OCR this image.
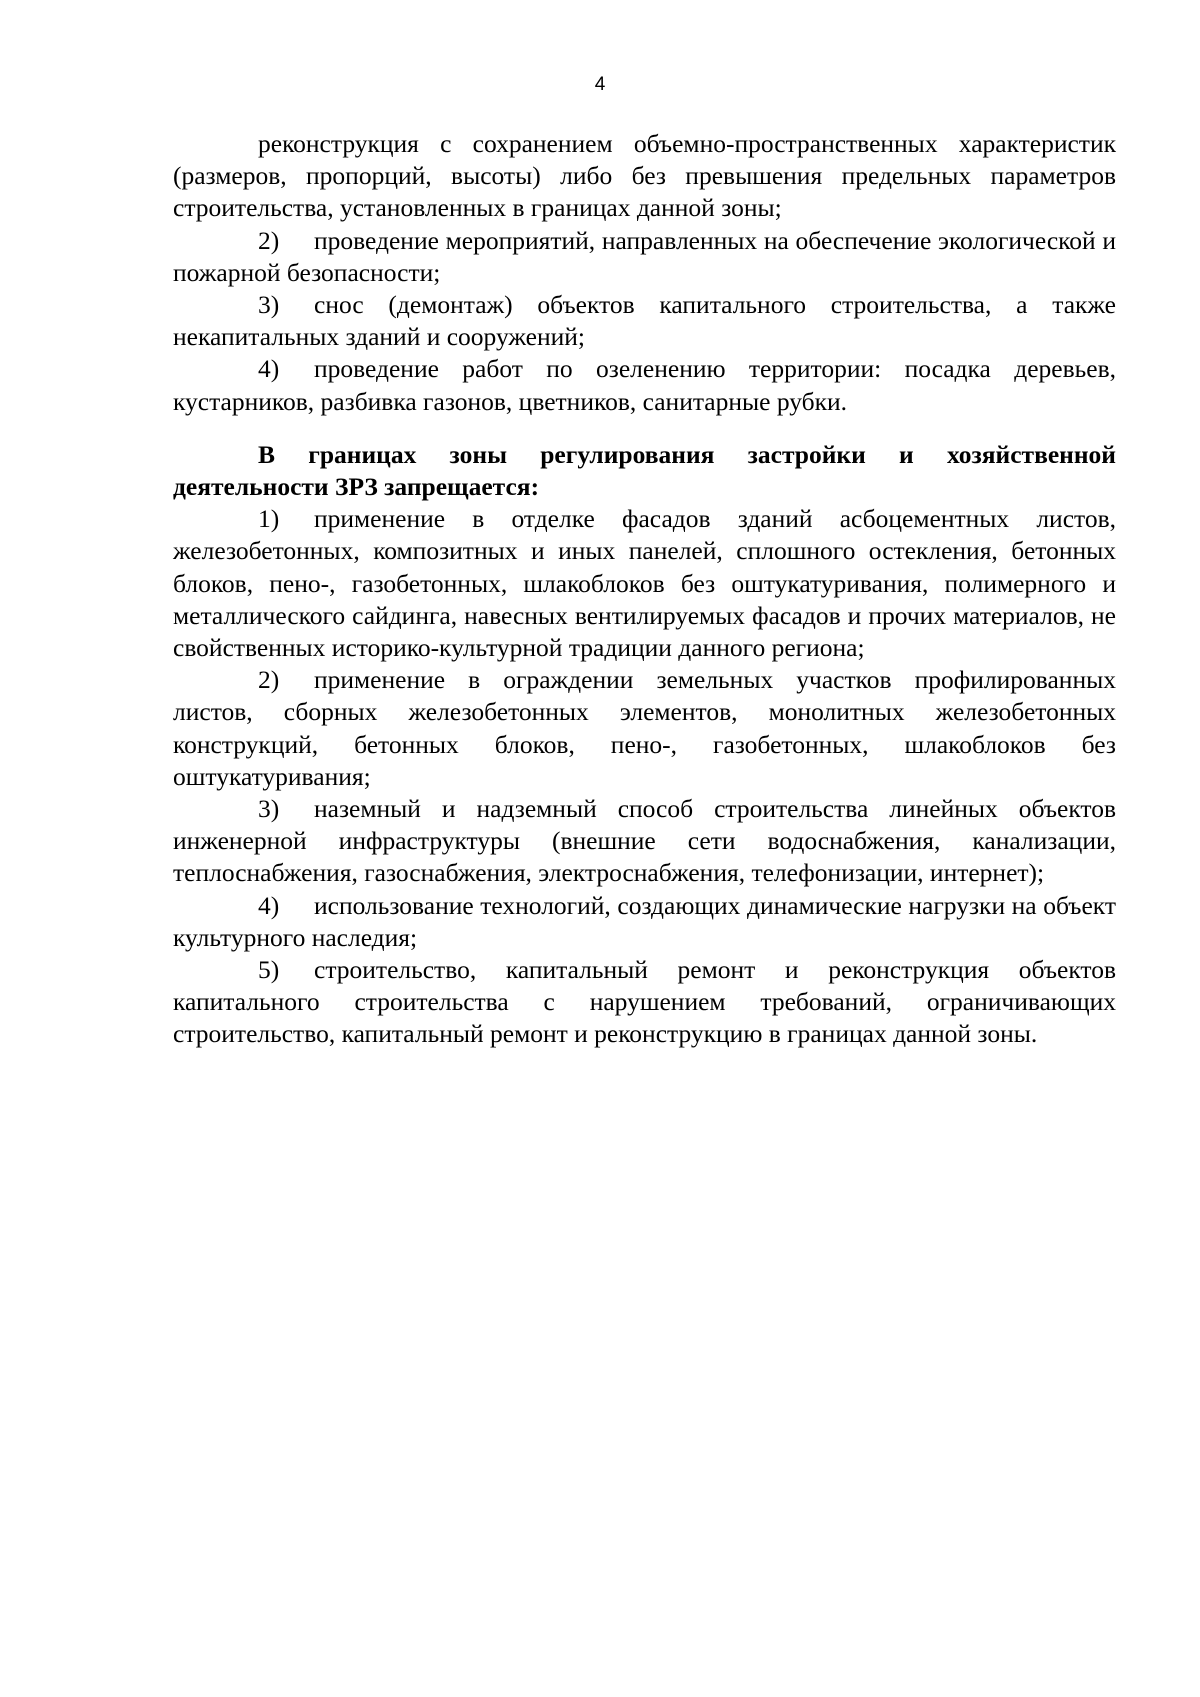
4

реконструкция с сохранением объемно-пространственных характеристик (размеров, пропорций, высоты) либо без превышения предельных параметров строительства, установленных в границах данной зоны;

2) проведение мероприятий, направленных на обеспечение экологической и пожарной безопасности;

3) снос (демонтаж) объектов капитального строительства, а также некапитальных зданий и сооружений;

4) проведение работ по озеленению территории: посадка деревьев, кустарников, разбивка газонов, цветников, санитарные рубки.

В границах зоны регулирования застройки и хозяйственной деятельности ЗРЗ запрещается:

1) применение в отделке фасадов зданий асбоцементных листов, железобетонных, композитных и иных панелей, сплошного остекления, бетонных блоков, пено-, газобетонных, шлакоблоков без оштукатуривания, полимерного и металлического сайдинга, навесных вентилируемых фасадов и прочих материалов, не свойственных историко-культурной традиции данного региона;

2) применение в ограждении земельных участков профилированных листов, сборных железобетонных элементов, монолитных железобетонных конструкций, бетонных блоков, пено-, газобетонных, шлакоблоков без оштукатуривания;

3) наземный и надземный способ строительства линейных объектов инженерной инфраструктуры (внешние сети водоснабжения, канализации, теплоснабжения, газоснабжения, электроснабжения, телефонизации, интернет);

4) использование технологий, создающих динамические нагрузки на объект культурного наследия;

5) строительство, капитальный ремонт и реконструкция объектов капитального строительства с нарушением требований, ограничивающих строительство, капитальный ремонт и реконструкцию в границах данной зоны.
